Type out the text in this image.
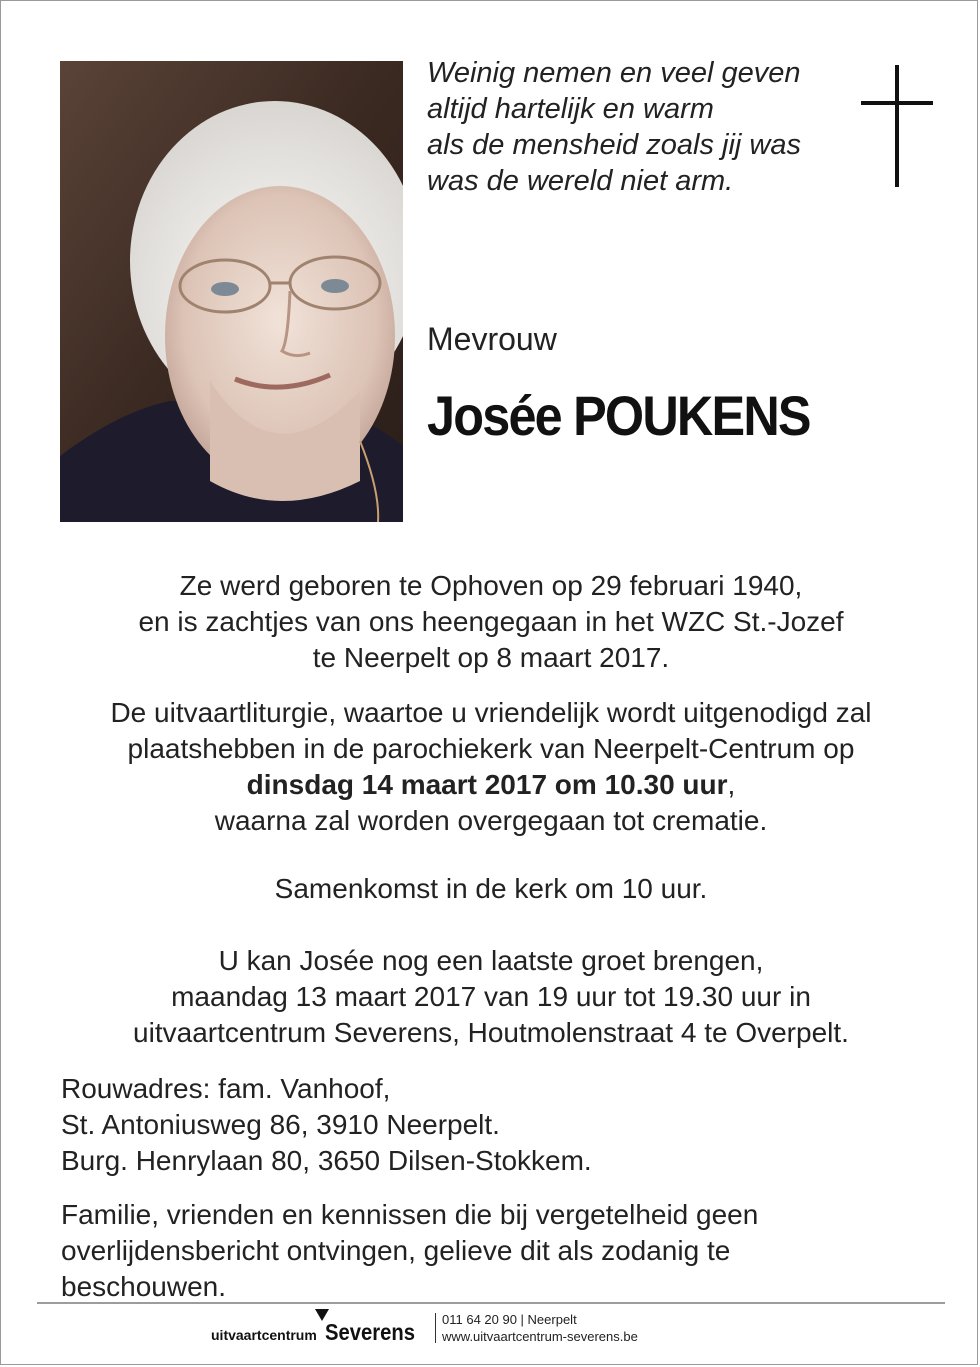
Weinig nemen en veel geven
altijd hartelijk en warm
als de mensheid zoals jij was
was de wereld niet arm.
Mevrouw
Josée POUKENS
Ze werd geboren te Ophoven op 29 februari 1940,
en is zachtjes van ons heengegaan in het WZC St.-Jozef
te Neerpelt op 8 maart 2017.
De uitvaartliturgie, waartoe u vriendelijk wordt uitgenodigd zal
plaatshebben in de parochiekerk van Neerpelt-Centrum op
dinsdag 14 maart 2017 om 10.30 uur,
waarna zal worden overgegaan tot crematie.
Samenkomst in de kerk om 10 uur.
U kan Josée nog een laatste groet brengen,
maandag 13 maart 2017 van 19 uur tot 19.30 uur in
uitvaartcentrum Severens, Houtmolenstraat 4 te Overpelt.
Rouwadres: fam. Vanhoof,
St. Antoniusweg 86, 3910 Neerpelt.
Burg. Henrylaan 80, 3650 Dilsen-Stokkem.
Familie, vrienden en kennissen die bij vergetelheid geen
overlijdensbericht ontvingen, gelieve dit als zodanig te
beschouwen.
uitvaartcentrum Severens 011 64 20 90 | Neerpelt
www.uitvaartcentrum-severens.be
